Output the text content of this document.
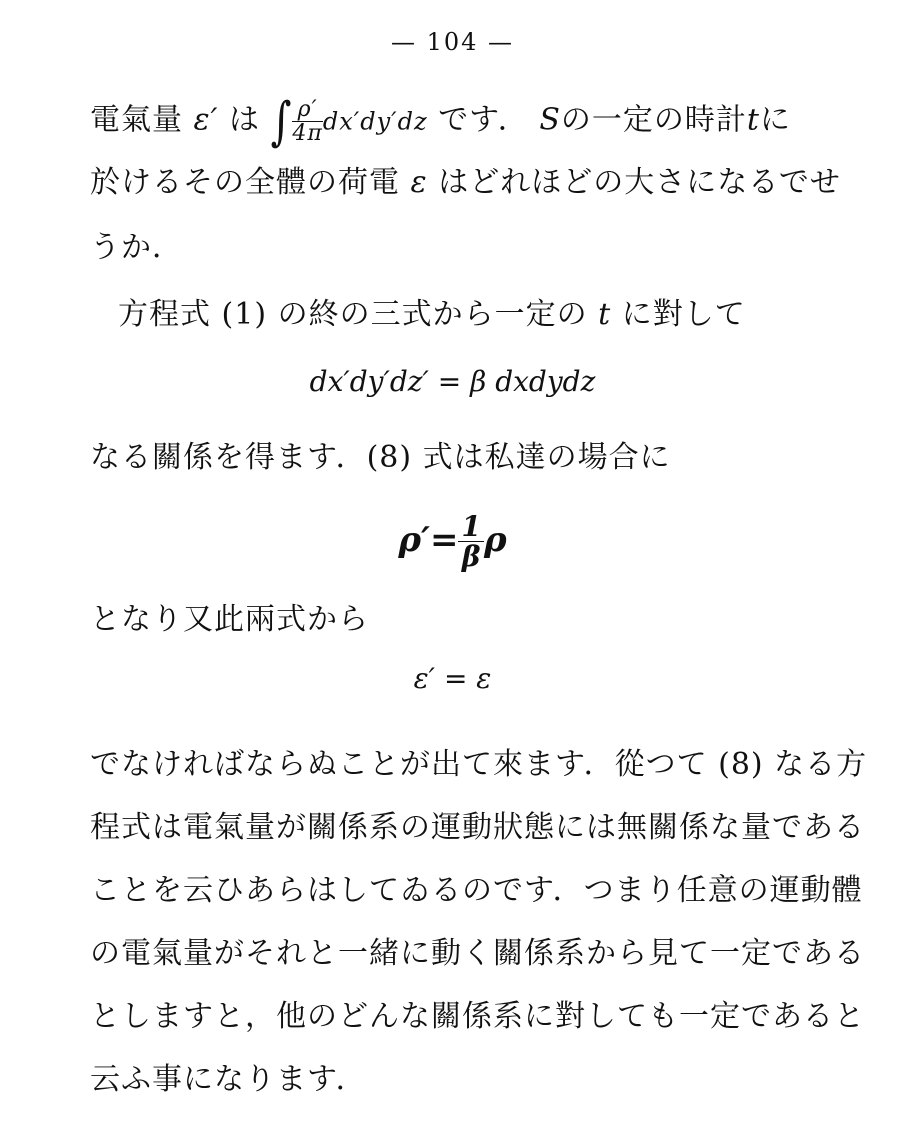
— 104 —
電氣量 ε′ は ∫ $\frac{\rho'}{4\pi} dx'dy'dz$ です． Sの一定の時計tに
於けるその全體の荷電 ε はどれほどの大さになるでせ
うか．
方程式 (1) の終の三式から一定の t に對して
dx′dy′dz′ = β dxdydz
なる關係を得ます．(8) 式は私達の場合に
$\rho'= \frac{1}{\beta}$ ρ
となり又此兩式から
ε′ = ε
でなければならぬことが出て來ます．從つて (8) なる方
程式は電氣量が關係系の運動狀態には無關係な量である
ことを云ひあらはしてゐるのです．つまり任意の運動體
の電氣量がそれと一緒に動く關係系から見て一定である
としますと，他のどんな關係系に對しても一定であると
云ふ事になります．
